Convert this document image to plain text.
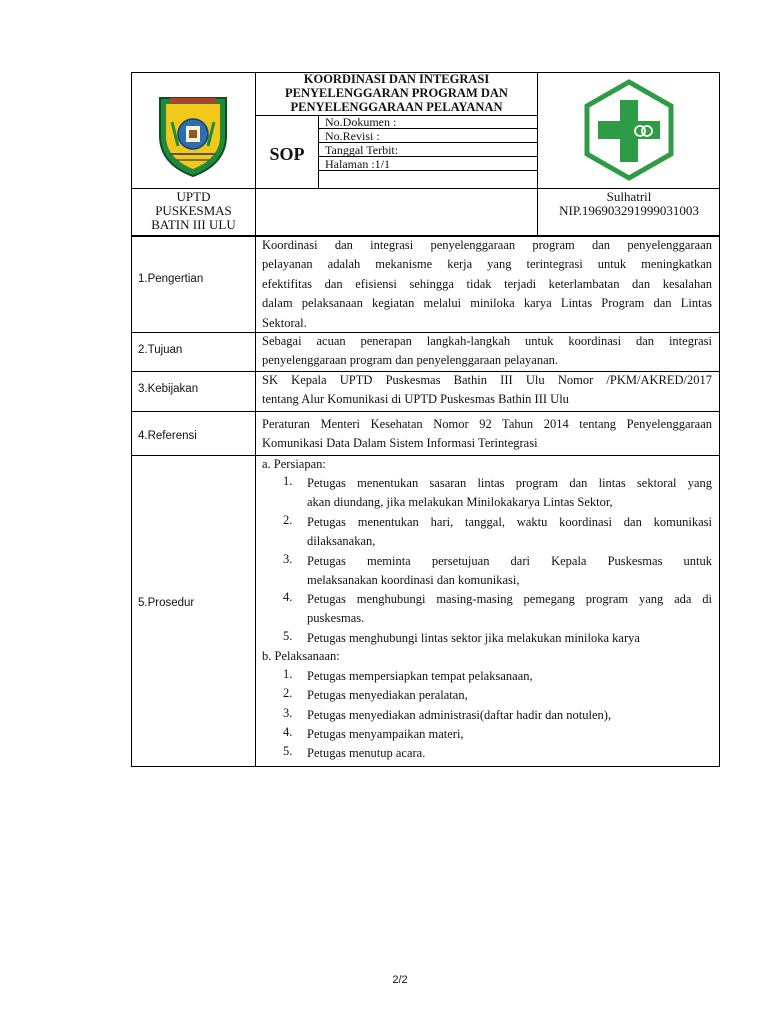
KOORDINASI DAN INTEGRASI
PENYELENGGARAN PROGRAM DAN
PENYELENGGARAAN PELAYANAN
SOP
No.Dokumen :
No.Revisi :
Tanggal Terbit:
Halaman :1/1
UPTD
PUSKESMAS
BATIN III ULU
Sulhatril
NIP.196903291999031003
1.Pengertian
Koordinasi dan integrasi penyelenggaraan program dan penyelenggaraan
pelayanan adalah mekanisme kerja yang terintegrasi untuk meningkatkan
efektifitas dan efisiensi sehingga tidak terjadi keterlambatan dan kesalahan
dalam pelaksanaan kegiatan melalui miniloka karya Lintas Program dan Lintas
Sektoral.
2.Tujuan
Sebagai acuan penerapan langkah-langkah untuk koordinasi dan integrasi
penyelenggaraan program dan penyelenggaraan pelayanan.
3.Kebijakan
SK Kepala UPTD Puskesmas Bathin III Ulu Nomor /PKM/AKRED/2017
tentang Alur Komunikasi di UPTD Puskesmas Bathin III Ulu
4.Referensi
Peraturan Menteri Kesehatan Nomor 92 Tahun 2014 tentang Penyelenggaraan
Komunikasi Data Dalam Sistem Informasi Terintegrasi
5.Prosedur
a. Persiapan:
1. Petugas menentukan sasaran lintas program dan lintas sektoral yang
akan diundang, jika melakukan Minilokakarya Lintas Sektor,
2. Petugas menentukan hari, tanggal, waktu koordinasi dan komunikasi
dilaksanakan,
3. Petugas meminta persetujuan dari Kepala Puskesmas untuk
melaksanakan koordinasi dan komunikasi,
4. Petugas menghubungi masing-masing pemegang program yang ada di
puskesmas.
5. Petugas menghubungi lintas sektor jika melakukan miniloka karya
b. Pelaksanaan:
1. Petugas mempersiapkan tempat pelaksanaan,
2. Petugas menyediakan peralatan,
3. Petugas menyediakan administrasi(daftar hadir dan notulen),
4. Petugas menyampaikan materi,
5. Petugas menutup acara.
2/2
